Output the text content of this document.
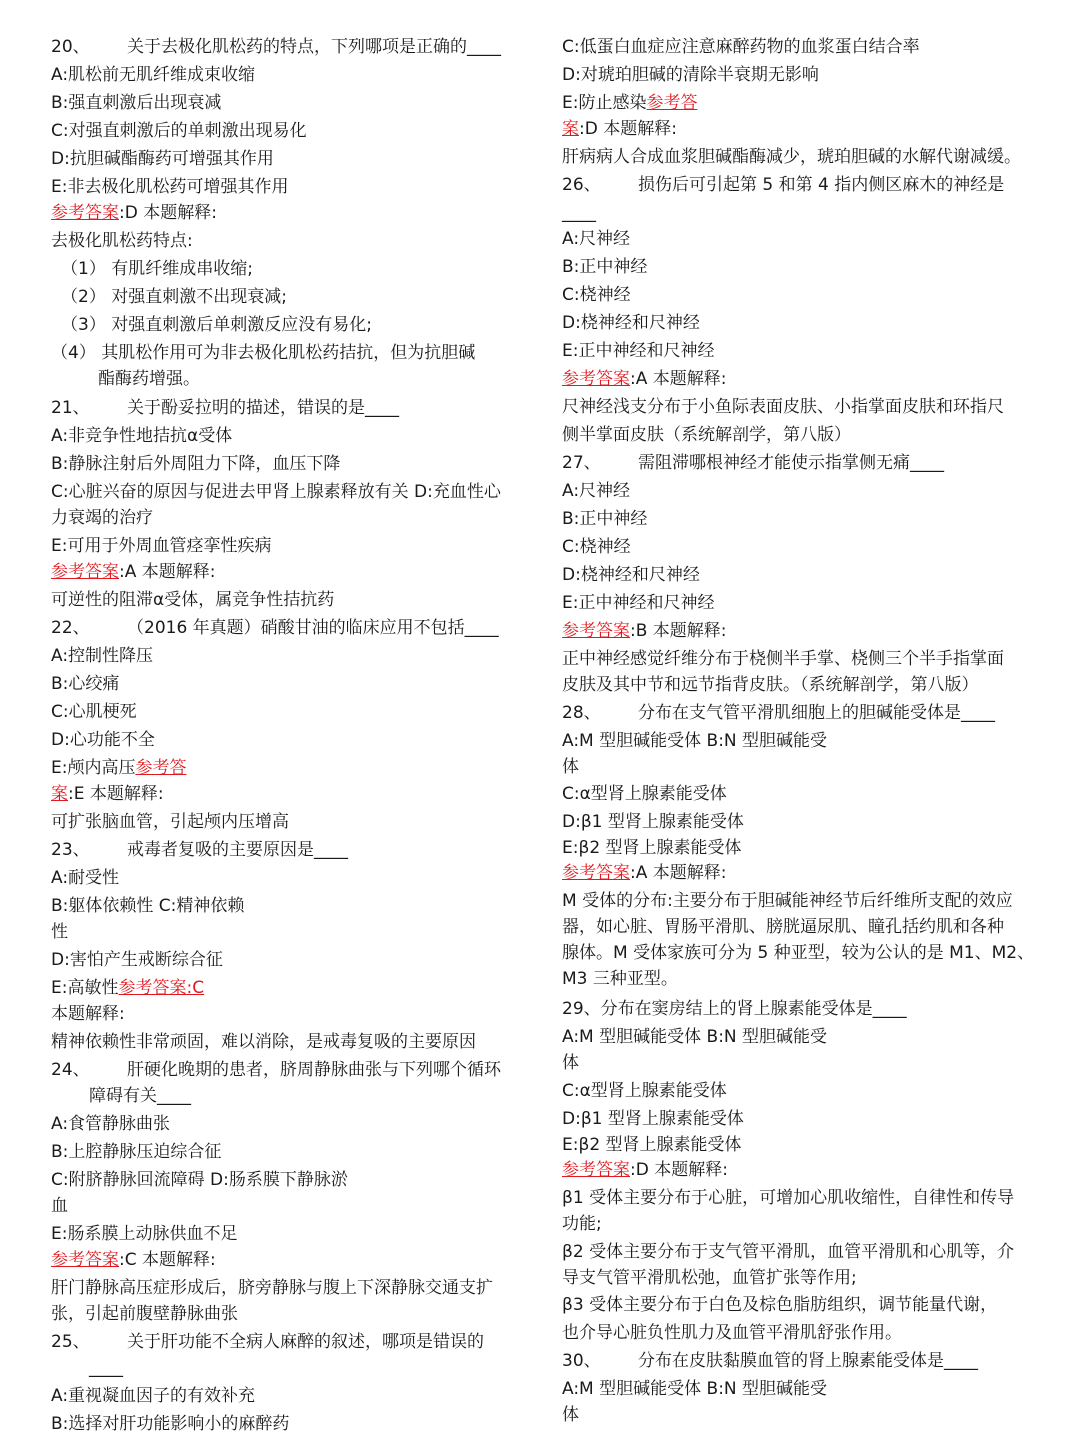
20、 关于去极化肌松药的特点，下列哪项是正确的____
A:肌松前无肌纤维成束收缩
B:强直刺激后出现衰减
C:对强直刺激后的单刺激出现易化
D:抗胆碱酯酶药可增强其作用
E:非去极化肌松药可增强其作用
参考答案:D 本题解释:
去极化肌松药特点:
（1） 有肌纤维成串收缩;
（2） 对强直刺激不出现衰减;
（3） 对强直刺激后单刺激反应没有易化;
（4） 其肌松作用可为非去极化肌松药拮抗，但为抗胆碱
酯酶药增强。
21、 关于酚妥拉明的描述，错误的是____
A:非竞争性地拮抗α受体
B:静脉注射后外周阻力下降，血压下降
C:心脏兴奋的原因与促进去甲肾上腺素释放有关 D:充血性心
力衰竭的治疗
E:可用于外周血管痉挛性疾病
参考答案:A 本题解释:
可逆性的阻滞α受体，属竞争性拮抗药
22、 （2016 年真题）硝酸甘油的临床应用不包括____
A:控制性降压
B:心绞痛
C:心肌梗死
D:心功能不全
E:颅内高压参考答
案:E 本题解释:
可扩张脑血管，引起颅内压增高
23、 戒毒者复吸的主要原因是____
A:耐受性
B:躯体依赖性 C:精神依赖
性
D:害怕产生戒断综合征
E:高敏性参考答案:C
本题解释:
精神依赖性非常顽固，难以消除，是戒毒复吸的主要原因
24、 肝硬化晚期的患者，脐周静脉曲张与下列哪个循环
障碍有关____
A:食管静脉曲张
B:上腔静脉压迫综合征
C:附脐静脉回流障碍 D:肠系膜下静脉淤
血
E:肠系膜上动脉供血不足
参考答案:C 本题解释:
肝门静脉高压症形成后，脐旁静脉与腹上下深静脉交通支扩
张，引起前腹壁静脉曲张
25、 关于肝功能不全病人麻醉的叙述，哪项是错误的
____
A:重视凝血因子的有效补充
B:选择对肝功能影响小的麻醉药
C:低蛋白血症应注意麻醉药物的血浆蛋白结合率
D:对琥珀胆碱的清除半衰期无影响
E:防止感染参考答
案:D 本题解释:
肝病病人合成血浆胆碱酯酶减少，琥珀胆碱的水解代谢减缓。
26、 损伤后可引起第 5 和第 4 指内侧区麻木的神经是
____
A:尺神经
B:正中神经
C:桡神经
D:桡神经和尺神经
E:正中神经和尺神经
参考答案:A 本题解释:
尺神经浅支分布于小鱼际表面皮肤、小指掌面皮肤和环指尺
侧半掌面皮肤（系统解剖学，第八版）
27、 需阻滞哪根神经才能使示指掌侧无痛____
A:尺神经
B:正中神经
C:桡神经
D:桡神经和尺神经
E:正中神经和尺神经
参考答案:B 本题解释:
正中神经感觉纤维分布于桡侧半手掌、桡侧三个半手指掌面
皮肤及其中节和远节指背皮肤。（系统解剖学，第八版）
28、 分布在支气管平滑肌细胞上的胆碱能受体是____
A:M 型胆碱能受体 B:N 型胆碱能受
体
C:α型肾上腺素能受体
D:β1 型肾上腺素能受体
E:β2 型肾上腺素能受体
参考答案:A 本题解释:
M 受体的分布:主要分布于胆碱能神经节后纤维所支配的效应
器，如心脏、胃肠平滑肌、膀胱逼尿肌、瞳孔括约肌和各种
腺体。M 受体家族可分为 5 种亚型，较为公认的是 M1、M2、
M3 三种亚型。
29、分布在窦房结上的肾上腺素能受体是____
A:M 型胆碱能受体 B:N 型胆碱能受
体
C:α型肾上腺素能受体
D:β1 型肾上腺素能受体
E:β2 型肾上腺素能受体
参考答案:D 本题解释:
β1 受体主要分布于心脏，可增加心肌收缩性，自律性和传导
功能;
β2 受体主要分布于支气管平滑肌，血管平滑肌和心肌等，介
导支气管平滑肌松弛，血管扩张等作用;
β3 受体主要分布于白色及棕色脂肪组织，调节能量代谢，
也介导心脏负性肌力及血管平滑肌舒张作用。
30、 分布在皮肤黏膜血管的肾上腺素能受体是____
A:M 型胆碱能受体 B:N 型胆碱能受
体
